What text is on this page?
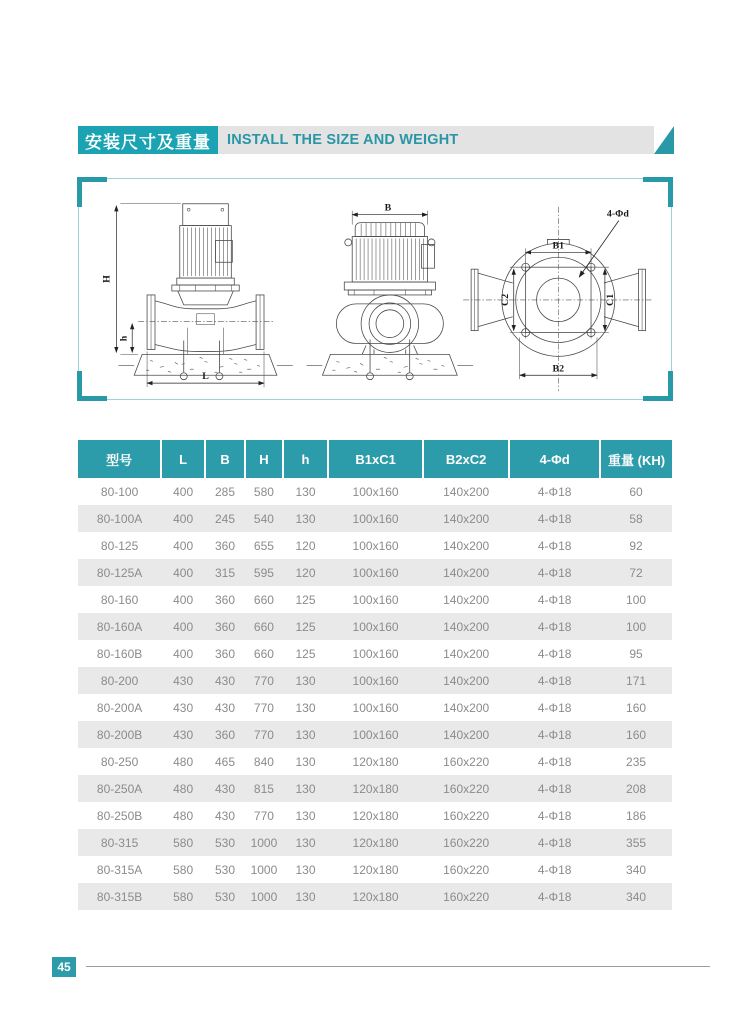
安装尺寸及重量	INSTALL THE SIZE AND WEIGHT
H
h
L
B
B1
B2
C2	C1
4-Φd
型号	L	B	H	h	B1xC1	B2xC2	4-Φd	重量 (KH)
80-100	400	285	580	130	100x160	140x200	4-Φ18	60
80-100A	400	245	540	130	100x160	140x200	4-Φ18	58
80-125	400	360	655	120	100x160	140x200	4-Φ18	92
80-125A	400	315	595	120	100x160	140x200	4-Φ18	72
80-160	400	360	660	125	100x160	140x200	4-Φ18	100
80-160A	400	360	660	125	100x160	140x200	4-Φ18	100
80-160B	400	360	660	125	100x160	140x200	4-Φ18	95
80-200	430	430	770	130	100x160	140x200	4-Φ18	171
80-200A	430	430	770	130	100x160	140x200	4-Φ18	160
80-200B	430	360	770	130	100x160	140x200	4-Φ18	160
80-250	480	465	840	130	120x180	160x220	4-Φ18	235
80-250A	480	430	815	130	120x180	160x220	4-Φ18	208
80-250B	480	430	770	130	120x180	160x220	4-Φ18	186
80-315	580	530	1000	130	120x180	160x220	4-Φ18	355
80-315A	580	530	1000	130	120x180	160x220	4-Φ18	340
80-315B	580	530	1000	130	120x180	160x220	4-Φ18	340
45
